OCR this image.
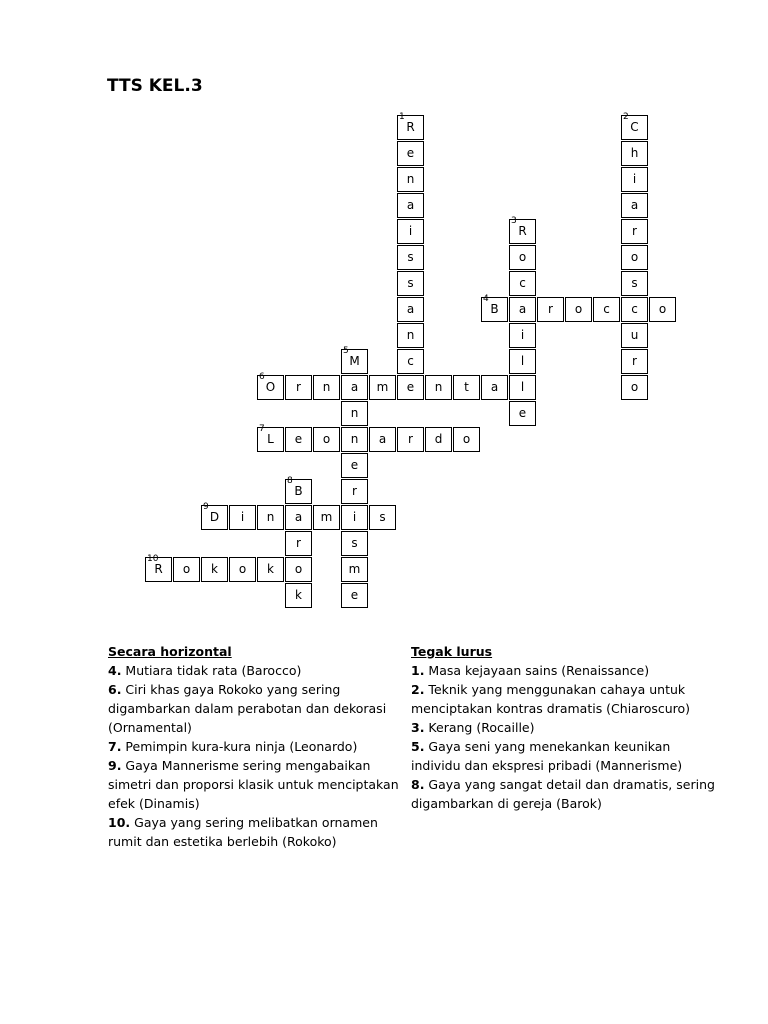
TTS KEL.3
1
R
e
n
a
i
s
s
a
n
c
2
C
h
i
a
r
o
s
c
u
r
o
3
R
o
c
a
i
l
l
e
4
B	r	o	c	o
5
M
a
n
n
e
r
i
s
m
e
6
O	r	n	m	e	n	t	a
7
L	e	o	a	r	d	o
8
B
a
r
o
k
9
D	i	n	m	s
10
R	o	k	o	k
Secara horizontal

4. Mutiara tidak rata (Barocco)

6. Ciri khas gaya Rokoko yang sering digambarkan dalam perabotan dan dekorasi (Ornamental)

7. Pemimpin kura-kura ninja (Leonardo)

9. Gaya Mannerisme sering mengabaikan simetri dan proporsi klasik untuk menciptakan efek (Dinamis)

10. Gaya yang sering melibatkan ornamen rumit dan estetika berlebih (Rokoko)

Tegak lurus

1. Masa kejayaan sains (Renaissance)

2. Teknik yang menggunakan cahaya untuk menciptakan kontras dramatis (Chiaroscuro)

3. Kerang (Rocaille)

5. Gaya seni yang menekankan keunikan individu dan ekspresi pribadi (Mannerisme)

8. Gaya yang sangat detail dan dramatis, sering digambarkan di gereja (Barok)
